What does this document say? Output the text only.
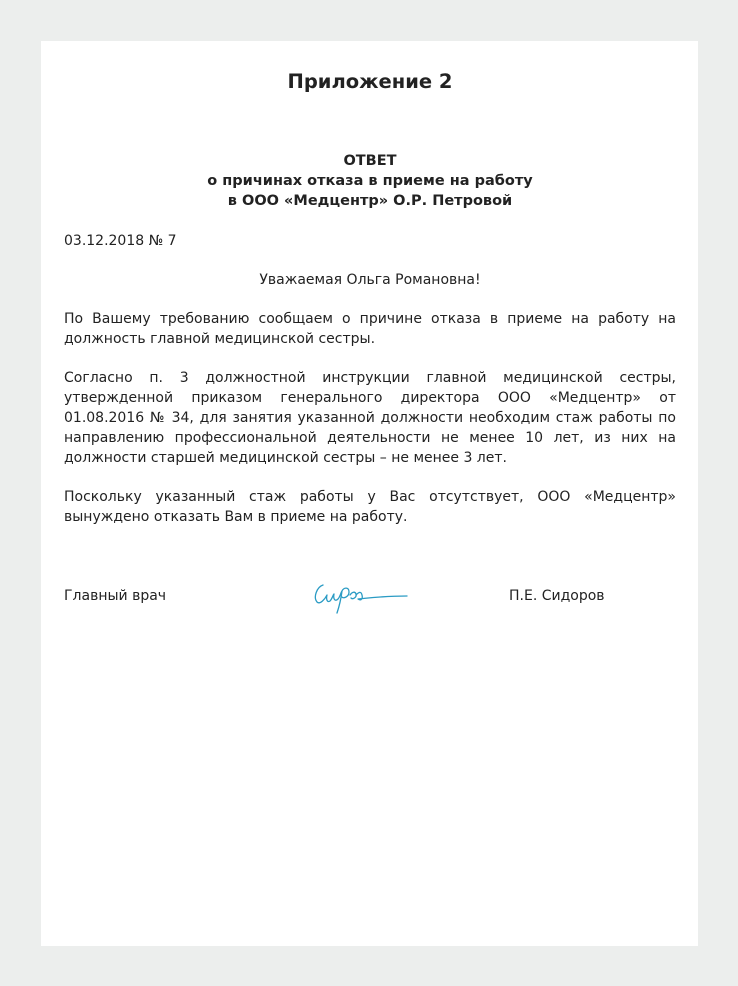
Приложение 2
ОТВЕТ
о причинах отказа в приеме на работу
в ООО «Медцентр» О.Р. Петровой
03.12.2018 № 7
Уважаемая Ольга Романовна!
По Вашему требованию сообщаем о причине отказа в приеме на работу на должность главной медицинской сестры.
Согласно п. 3 должностной инструкции главной медицинской сестры, утвержденной приказом генерального директора ООО «Медцентр» от 01.08.2016 № 34, для занятия указанной должности необходим стаж работы по направлению профессиональной деятельности не менее 10 лет, из них на должности старшей медицинской сестры – не менее 3 лет.
Поскольку указанный стаж работы у Вас отсутствует, ООО «Медцентр» вынуждено отказать Вам в приеме на работу.
Главный врач	П.Е. Сидоров
